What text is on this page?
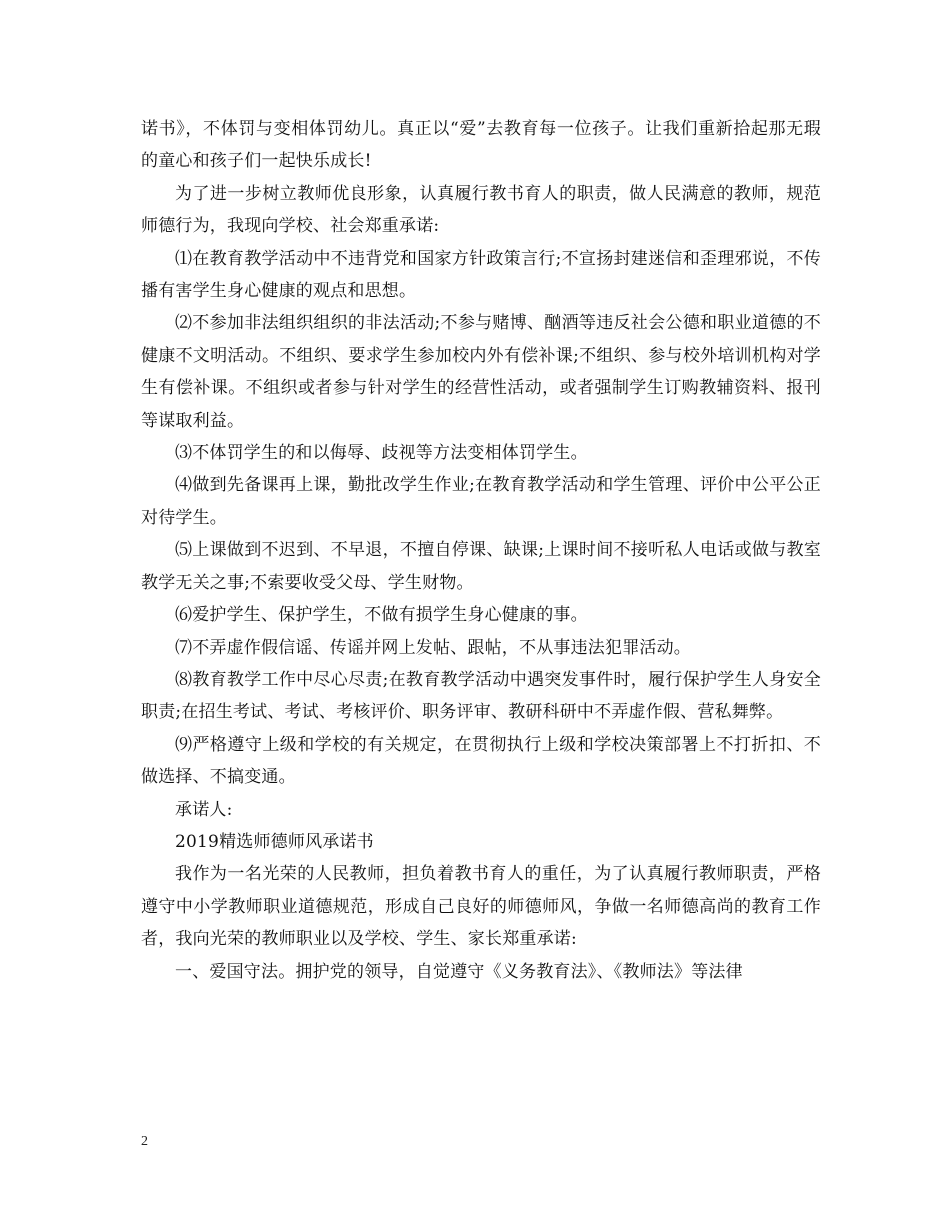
诺书》，不体罚与变相体罚幼儿。真正以“爱”去教育每一位孩子。让我们重新拾起那无瑕的童心和孩子们一起快乐成长!

为了进一步树立教师优良形象，认真履行教书育人的职责，做人民满意的教师，规范师德行为，我现向学校、社会郑重承诺:

⑴在教育教学活动中不违背党和国家方针政策言行;不宣扬封建迷信和歪理邪说，不传播有害学生身心健康的观点和思想。

⑵不参加非法组织组织的非法活动;不参与赌博、酗酒等违反社会公德和职业道德的不健康不文明活动。不组织、要求学生参加校内外有偿补课;不组织、参与校外培训机构对学生有偿补课。不组织或者参与针对学生的经营性活动，或者强制学生订购教辅资料、报刊等谋取利益。

⑶不体罚学生的和以侮辱、歧视等方法变相体罚学生。

⑷做到先备课再上课，勤批改学生作业;在教育教学活动和学生管理、评价中公平公正对待学生。

⑸上课做到不迟到、不早退，不擅自停课、缺课;上课时间不接听私人电话或做与教室教学无关之事;不索要收受父母、学生财物。

⑹爱护学生、保护学生，不做有损学生身心健康的事。

⑺不弄虚作假信谣、传谣并网上发帖、跟帖，不从事违法犯罪活动。

⑻教育教学工作中尽心尽责;在教育教学活动中遇突发事件时，履行保护学生人身安全职责;在招生考试、考试、考核评价、职务评审、教研科研中不弄虚作假、营私舞弊。

⑼严格遵守上级和学校的有关规定，在贯彻执行上级和学校决策部署上不打折扣、不做选择、不搞变通。

承诺人:

2019精选师德师风承诺书

我作为一名光荣的人民教师，担负着教书育人的重任，为了认真履行教师职责，严格遵守中小学教师职业道德规范，形成自己良好的师德师风，争做一名师德高尚的教育工作者，我向光荣的教师职业以及学校、学生、家长郑重承诺:

一、爱国守法。拥护党的领导，自觉遵守《义务教育法》、《教师法》等法律

2
